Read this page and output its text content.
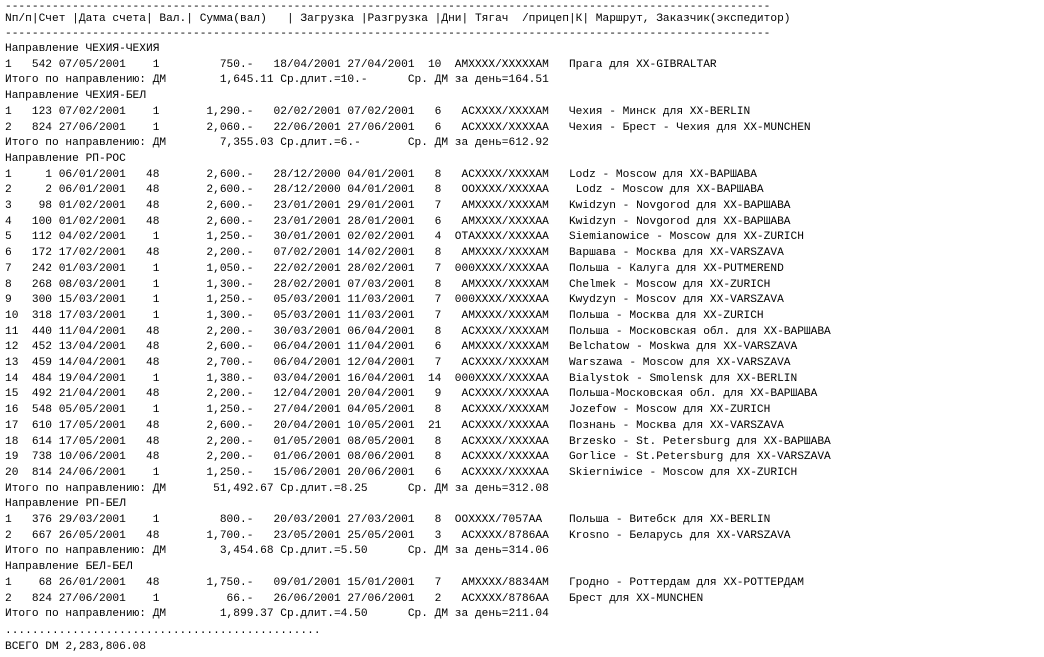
------------------------------------------------------------------------------------------------------------------
Nп/п|Счет |Дата счета| Вал.| Сумма(вал)   | Загрузка |Разгрузка |Дни| Тягач  /прицеп|К| Маршрут, Заказчик(экспедитор)
------------------------------------------------------------------------------------------------------------------
Направление ЧЕХИЯ-ЧЕХИЯ
1   542 07/05/2001    1         750.-   18/04/2001 27/04/2001  10  AMXXXX/XXXXXAM   Прага для XX-GIBRALTAR
Итого по направлению: ДМ        1,645.11 Ср.длит.=10.-      Ср. ДМ за день=164.51
Направление ЧЕХИЯ-БЕЛ
1   123 07/02/2001    1       1,290.-   02/02/2001 07/02/2001   6   ACXXXX/XXXXAM   Чехия - Минск для XX-BERLIN
2   824 27/06/2001    1       2,060.-   22/06/2001 27/06/2001   6   ACXXXX/XXXXAA   Чехия - Брест - Чехия для XX-MUNCHEN
Итого по направлению: ДМ        7,355.03 Ср.длит.=6.-       Ср. ДМ за день=612.92
Направление РП-РОС
1     1 06/01/2001   48       2,600.-   28/12/2000 04/01/2001   8   ACXXXX/XXXXAM   Lodz - Moscow для XX-ВАРШАВА
2     2 06/01/2001   48       2,600.-   28/12/2000 04/01/2001   8   OOXXXX/XXXXAA    Lodz - Moscow для XX-ВАРШАВА
3    98 01/02/2001   48       2,600.-   23/01/2001 29/01/2001   7   AMXXXX/XXXXAM   Kwidzyn - Novgorod для XX-ВАРШАВА
4   100 01/02/2001   48       2,600.-   23/01/2001 28/01/2001   6   AMXXXX/XXXXAA   Kwidzyn - Novgorod для XX-ВАРШАВА
5   112 04/02/2001    1       1,250.-   30/01/2001 02/02/2001   4  OTAXXXX/XXXXAA   Siemianowice - Moscow для XX-ZURICH
6   172 17/02/2001   48       2,200.-   07/02/2001 14/02/2001   8   AMXXXX/XXXXAM   Варшава - Москва для XX-VARSZAVA
7   242 01/03/2001    1       1,050.-   22/02/2001 28/02/2001   7  000XXXX/XXXXAA   Польша - Калуга для XX-PUTMEREND
8   268 08/03/2001    1       1,300.-   28/02/2001 07/03/2001   8   AMXXXX/XXXXAM   Chelmek - Moscow для XX-ZURICH
9   300 15/03/2001    1       1,250.-   05/03/2001 11/03/2001   7  000XXXX/XXXXAA   Kwydzyn - Moscov для XX-VARSZAVA
10  318 17/03/2001    1       1,300.-   05/03/2001 11/03/2001   7   AMXXXX/XXXXAM   Польша - Москва для XX-ZURICH
11  440 11/04/2001   48       2,200.-   30/03/2001 06/04/2001   8   ACXXXX/XXXXAM   Польша - Московская обл. для XX-ВАРШАВА
12  452 13/04/2001   48       2,600.-   06/04/2001 11/04/2001   6   AMXXXX/XXXXAM   Belchatow - Moskwa для XX-VARSZAVA
13  459 14/04/2001   48       2,700.-   06/04/2001 12/04/2001   7   ACXXXX/XXXXAM   Warszawa - Moscow для XX-VARSZAVA
14  484 19/04/2001    1       1,380.-   03/04/2001 16/04/2001  14  000XXXX/XXXXAA   Bialystok - Smolensk для XX-BERLIN
15  492 21/04/2001   48       2,200.-   12/04/2001 20/04/2001   9   ACXXXX/XXXXAA   Польша-Московская обл. для XX-ВАРШАВА
16  548 05/05/2001    1       1,250.-   27/04/2001 04/05/2001   8   ACXXXX/XXXXAM   Jozefow - Moscow для XX-ZURICH
17  610 17/05/2001   48       2,600.-   20/04/2001 10/05/2001  21   ACXXXX/XXXXAA   Познань - Москва для XX-VARSZAVA
18  614 17/05/2001   48       2,200.-   01/05/2001 08/05/2001   8   ACXXXX/XXXXAA   Brzesko - St. Petersburg для XX-ВАРШАВА
19  738 10/06/2001   48       2,200.-   01/06/2001 08/06/2001   8   ACXXXX/XXXXAA   Gorlice - St.Petersburg для XX-VARSZAVA
20  814 24/06/2001    1       1,250.-   15/06/2001 20/06/2001   6   ACXXXX/XXXXAA   Skierniwice - Moscow для XX-ZURICH
Итого по направлению: ДМ       51,492.67 Ср.длит.=8.25      Ср. ДМ за день=312.08
Направление РП-БЕЛ
1   376 29/03/2001    1         800.-   20/03/2001 27/03/2001   8  OOXXXX/7057AA    Польша - Витебск для XX-BERLIN
2   667 26/05/2001   48       1,700.-   23/05/2001 25/05/2001   3   ACXXXX/8786AA   Krosno - Беларусь для XX-VARSZAVA
Итого по направлению: ДМ        3,454.68 Ср.длит.=5.50      Ср. ДМ за день=314.06
Направление БЕЛ-БЕЛ
1    68 26/01/2001   48       1,750.-   09/01/2001 15/01/2001   7   AMXXXX/8834AM   Гродно - Роттердам для XX-РОТТЕРДАМ
2   824 27/06/2001    1          66.-   26/06/2001 27/06/2001   2   ACXXXX/8786AA   Брест для XX-MUNCHEN
Итого по направлению: ДМ        1,899.37 Ср.длит.=4.50      Ср. ДМ за день=211.04
...............................................
ВСЕГО DM 2,283,806.08
